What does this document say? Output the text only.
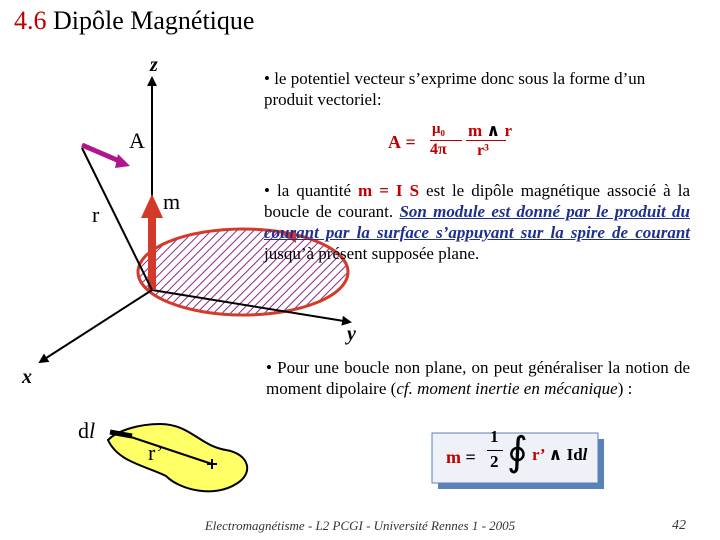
4.6 Dipôle Magnétique
z
y
x
A
m
r
dl
r’
• le potentiel vecteur s’exprime donc sous la forme d’un produit vectoriel:
A =
μ₀
4π
m ∧ r
r³
• la quantité m = I S est le dipôle magnétique associé à la boucle de courant. Son module est donné par le produit du courant par la surface s’appuyant sur la spire de courant jusqu’à présent supposée plane.
• Pour une boucle non plane, on peut généraliser la notion de moment dipolaire (cf. moment inertie en mécanique) :
m =
1
2 ∮ r’ ∧ Idl
Electromagnétisme - L2 PCGI - Université Rennes 1 - 2005	42
